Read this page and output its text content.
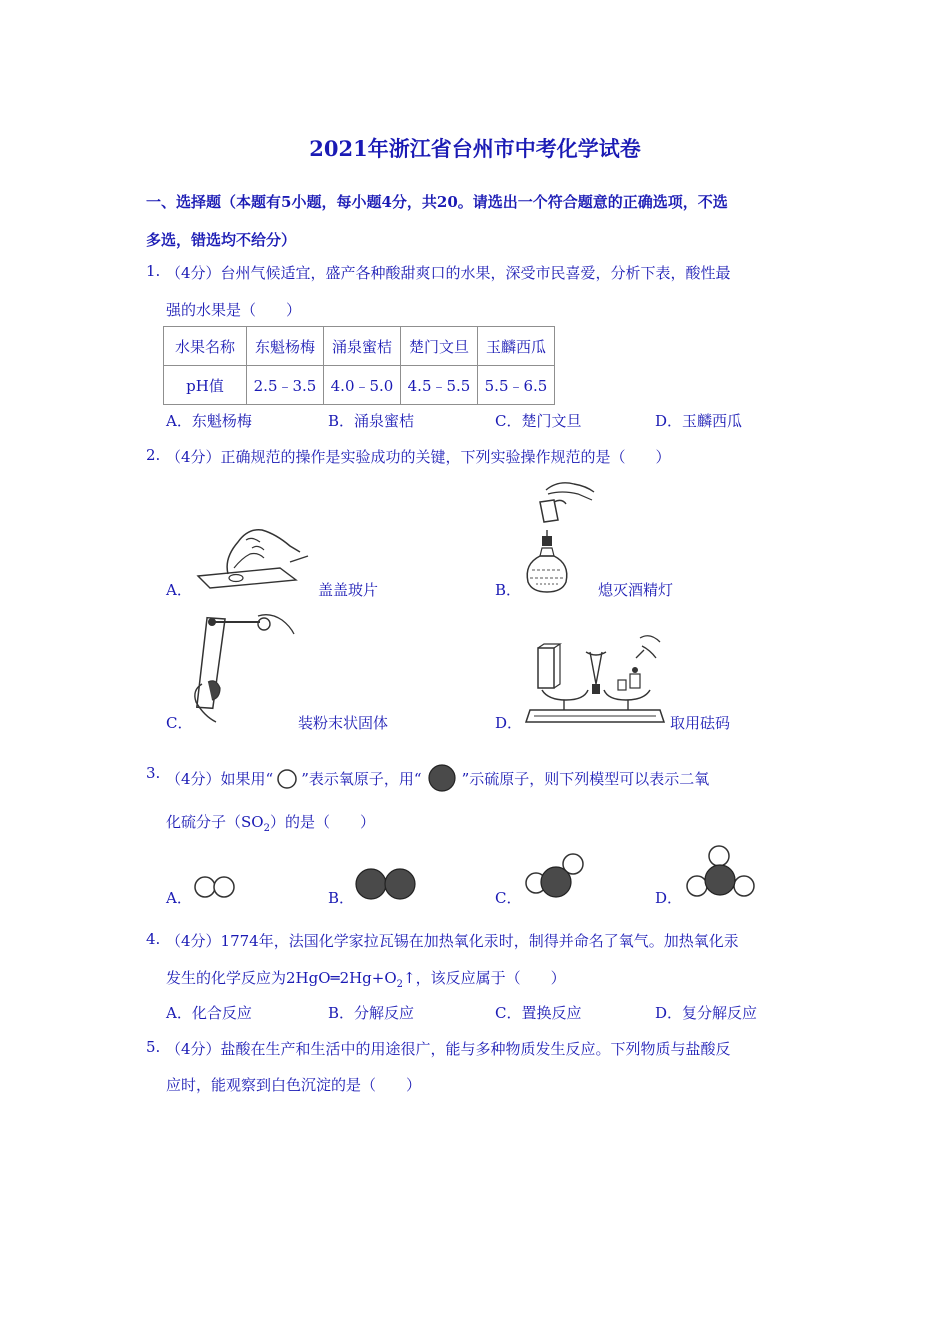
2021年浙江省台州市中考化学试卷
一、选择题（本题有5小题，每小题4分，共20。请选出一个符合题意的正确选项，不选
多选，错选均不给分）
1. （4分）台州气候适宜，盛产各种酸甜爽口的水果，深受市民喜爱，分析下表，酸性最
强的水果是（　　）
水果名称	东魁杨梅	涌泉蜜桔	楚门文旦	玉麟西瓜
pH值	2.5﹣3.5	4.0﹣5.0	4.5﹣5.5	5.5﹣6.5
A．东魁杨梅	B．涌泉蜜桔	C．楚门文旦	D．玉麟西瓜
2. （4分）正确规范的操作是实验成功的关键，下列实验操作规范的是（　　）
A．	盖盖玻片	B．	熄灭酒精灯
C．	装粉末状固体	D．	取用砝码
3. （4分）如果用“ ”表示氧原子，用“	”示硫原子，则下列模型可以表示二氧
化硫分子$(SO_2)$的是（　　）
A．	B．	C．	D．
4. （4分）1774年，法国化学家拉瓦锡在加热氧化汞时，制得并命名了氧气。加热氧化汞
发生的化学反应为$2HgO═2Hg+O_2↑$，该反应属于（　　）
A．化合反应	B．分解反应	C．置换反应	D．复分解反应
5. （4分）盐酸在生产和生活中的用途很广，能与多种物质发生反应。下列物质与盐酸反
应时，能观察到白色沉淀的是（　　）
